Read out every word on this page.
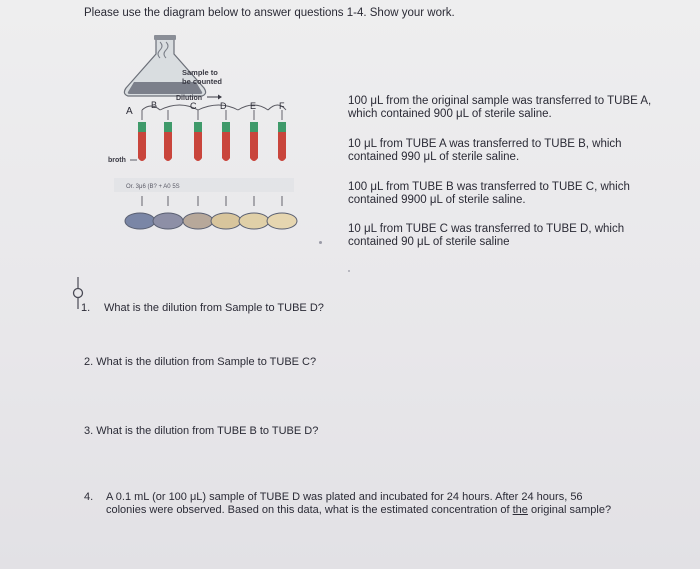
Please use the diagram below to answer questions 1-4. Show your work.
Sample to
be counted
Dilution
A
B	C	D	E	F
broth
Or. 3μ6 (B? + A0 5S
100 μL from the original sample was transferred to TUBE A, which contained 900 μL of sterile saline.
10 μL from TUBE A was transferred to TUBE B, which contained 990 μL of sterile saline.
100 μL from TUBE B was transferred to TUBE C, which contained 9900 μL of sterile saline.
10 μL from TUBE C was transferred to TUBE D, which contained 90 μL of sterile saline
1. What is the dilution from Sample to TUBE D?
2. What is the dilution from Sample to TUBE C?
3. What is the dilution from TUBE B to TUBE D?
4. A 0.1 mL (or 100 μL) sample of TUBE D was plated and incubated for 24 hours. After 24 hours, 56 colonies were observed. Based on this data, what is the estimated concentration of the original sample?
